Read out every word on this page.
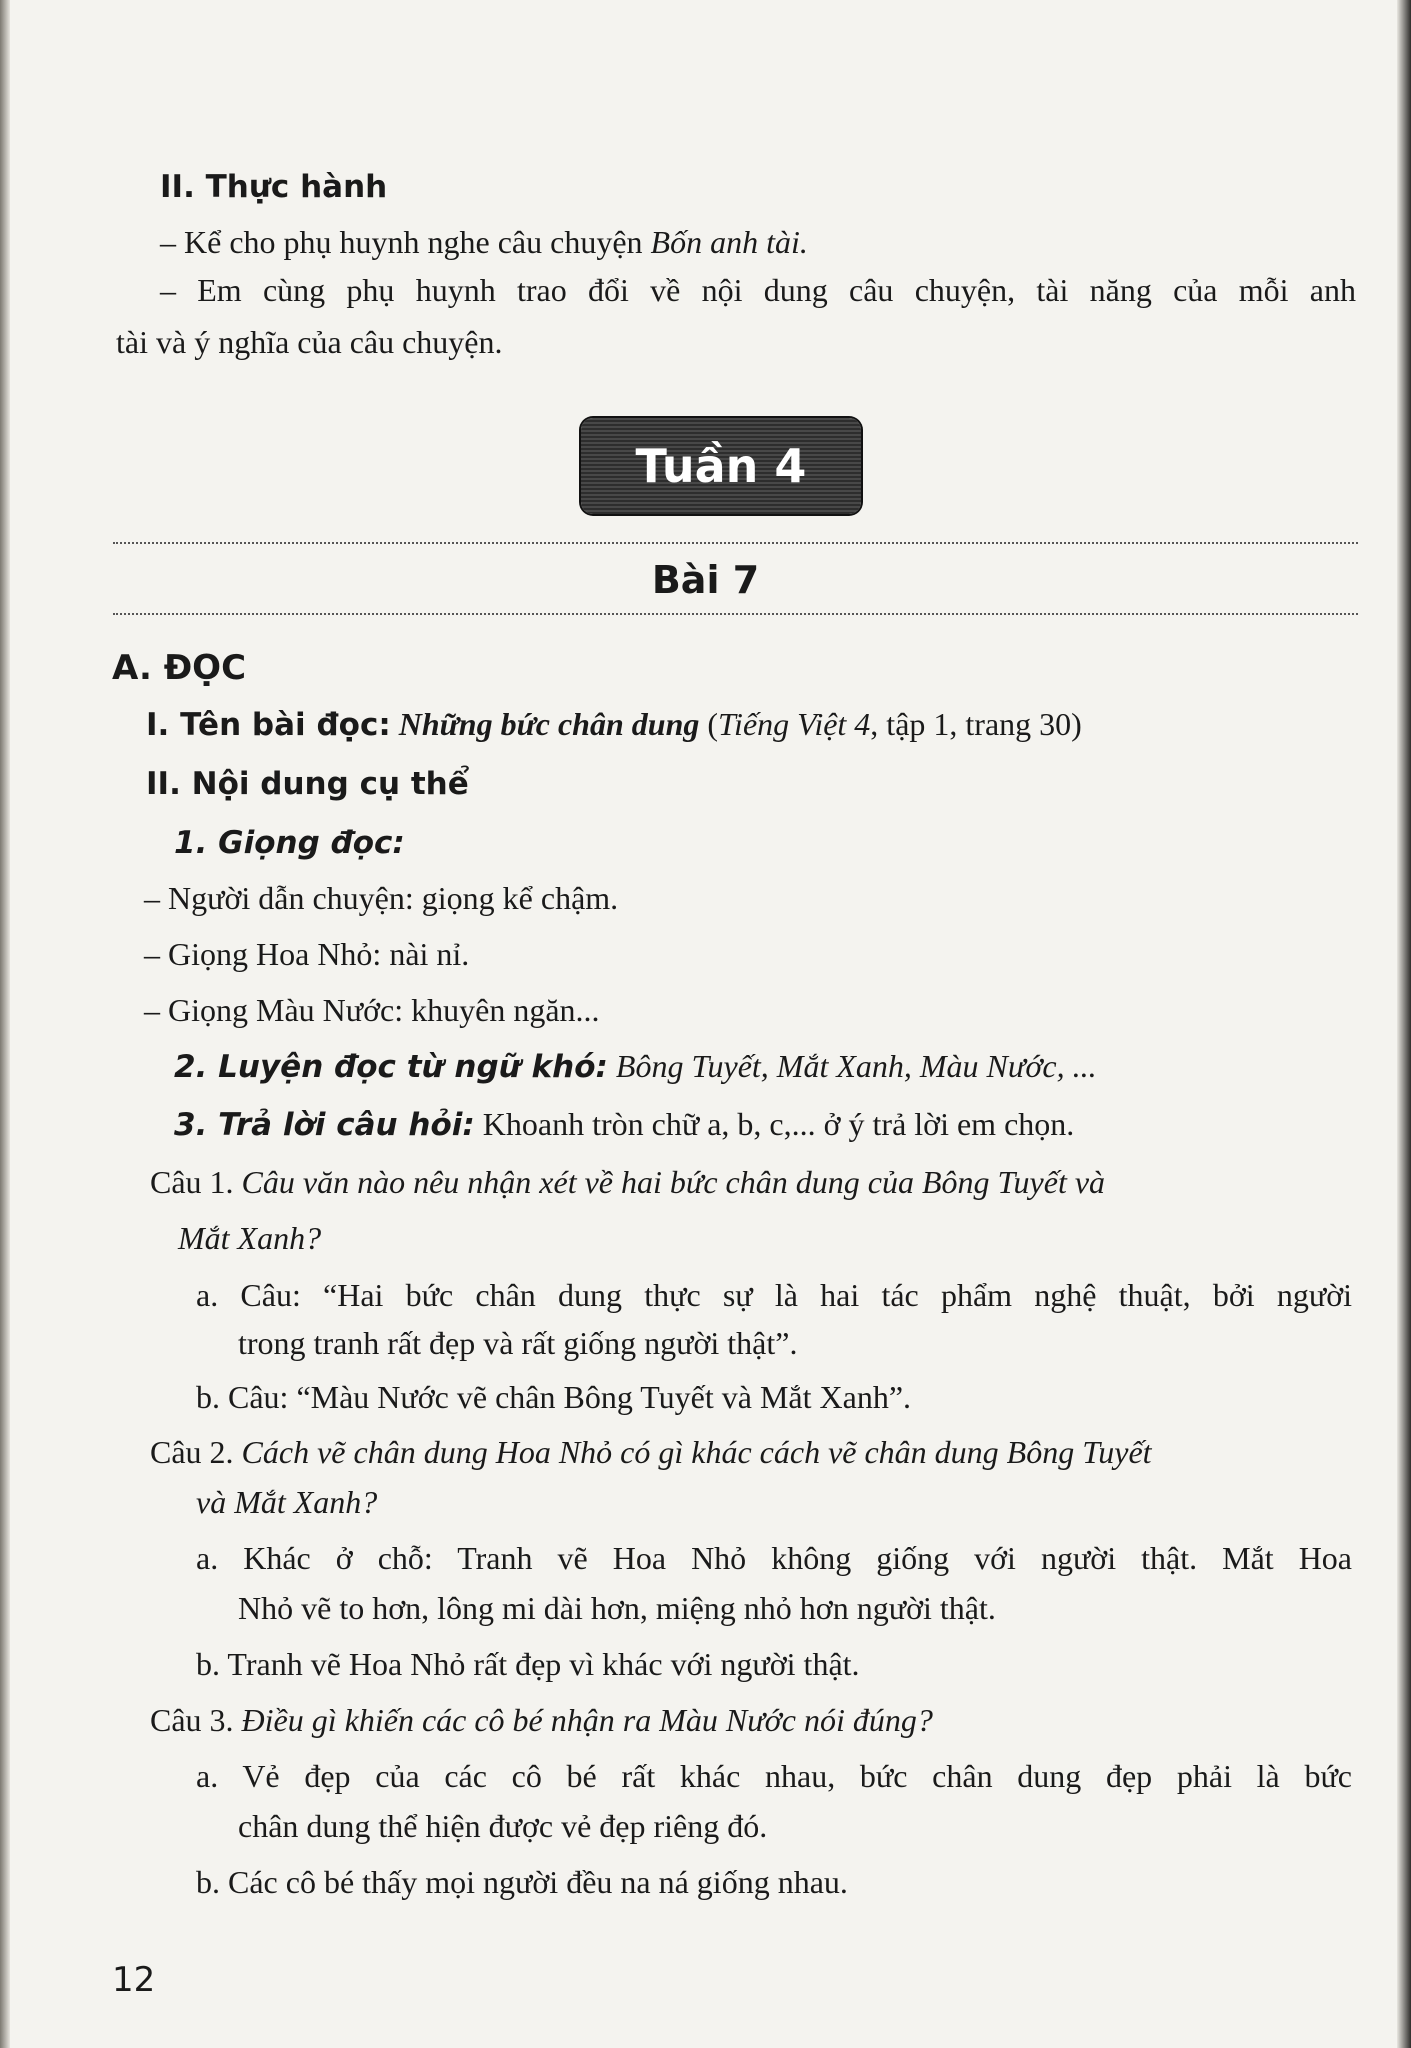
II. Thực hành
– Kể cho phụ huynh nghe câu chuyện Bốn anh tài.
– Em cùng phụ huynh trao đổi về nội dung câu chuyện, tài năng của mỗi anh
tài và ý nghĩa của câu chuyện.
Tuần 4
Bài 7
A. ĐỌC
I. Tên bài đọc: Những bức chân dung (Tiếng Việt 4, tập 1, trang 30)
II. Nội dung cụ thể
1. Giọng đọc:
– Người dẫn chuyện: giọng kể chậm.
– Giọng Hoa Nhỏ: nài nỉ.
– Giọng Màu Nước: khuyên ngăn...
2. Luyện đọc từ ngữ khó: Bông Tuyết, Mắt Xanh, Màu Nước, ...
3. Trả lời câu hỏi: Khoanh tròn chữ a, b, c,... ở ý trả lời em chọn.
Câu 1. Câu văn nào nêu nhận xét về hai bức chân dung của Bông Tuyết và
Mắt Xanh?
a. Câu: “Hai bức chân dung thực sự là hai tác phẩm nghệ thuật, bởi người
trong tranh rất đẹp và rất giống người thật”.
b. Câu: “Màu Nước vẽ chân Bông Tuyết và Mắt Xanh”.
Câu 2. Cách vẽ chân dung Hoa Nhỏ có gì khác cách vẽ chân dung Bông Tuyết
và Mắt Xanh?
a. Khác ở chỗ: Tranh vẽ Hoa Nhỏ không giống với người thật. Mắt Hoa
Nhỏ vẽ to hơn, lông mi dài hơn, miệng nhỏ hơn người thật.
b. Tranh vẽ Hoa Nhỏ rất đẹp vì khác với người thật.
Câu 3. Điều gì khiến các cô bé nhận ra Màu Nước nói đúng?
a. Vẻ đẹp của các cô bé rất khác nhau, bức chân dung đẹp phải là bức
chân dung thể hiện được vẻ đẹp riêng đó.
b. Các cô bé thấy mọi người đều na ná giống nhau.
12
